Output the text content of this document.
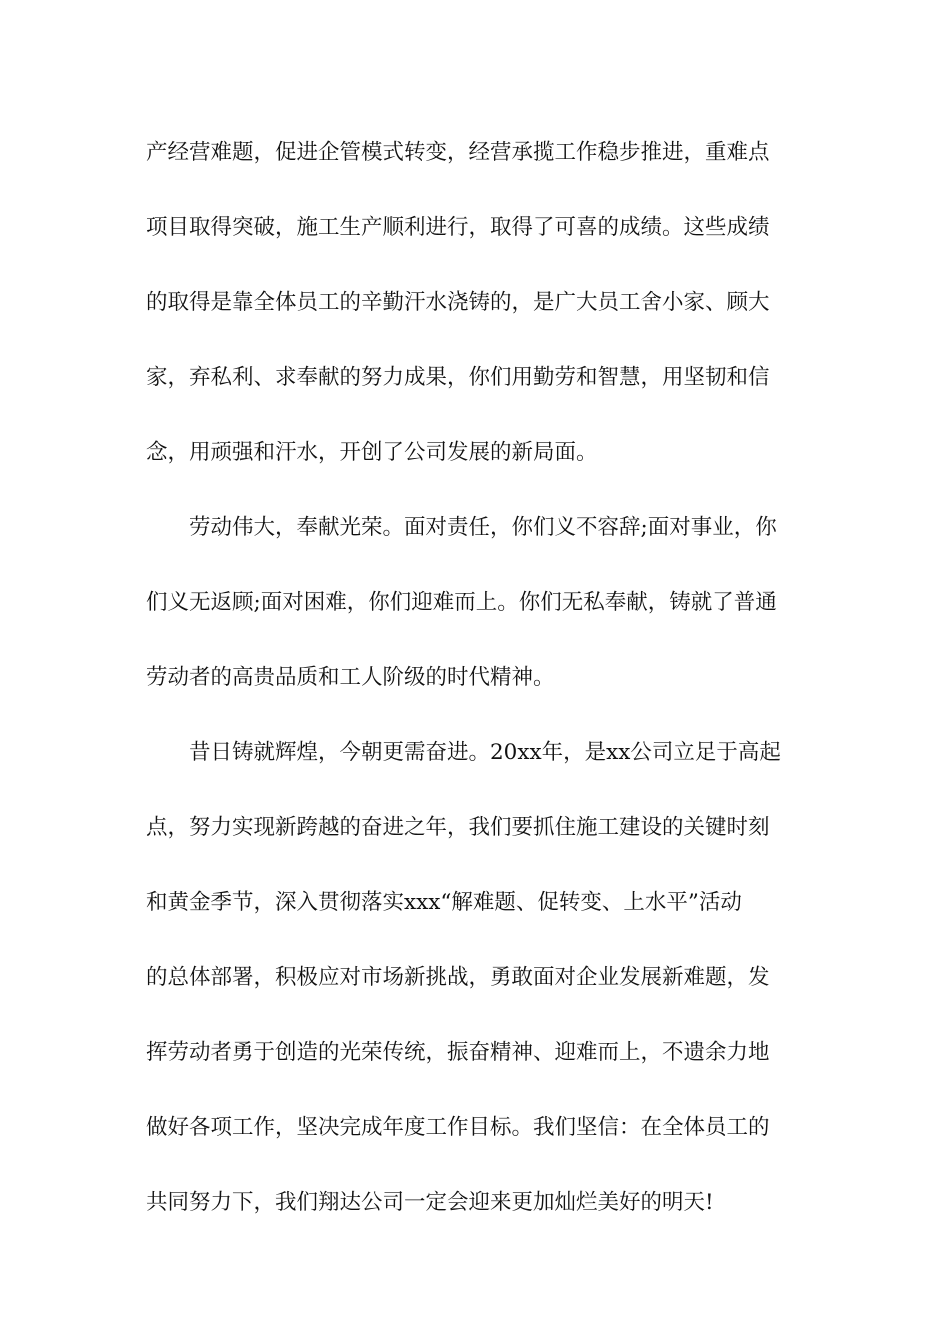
产经营难题，促进企管模式转变，经营承揽工作稳步推进，重难点
项目取得突破，施工生产顺利进行，取得了可喜的成绩。这些成绩
的取得是靠全体员工的辛勤汗水浇铸的，是广大员工舍小家、顾大
家，弃私利、求奉献的努力成果，你们用勤劳和智慧，用坚韧和信
念，用顽强和汗水，开创了公司发展的新局面。
劳动伟大，奉献光荣。面对责任，你们义不容辞;面对事业，你
们义无返顾;面对困难，你们迎难而上。你们无私奉献，铸就了普通
劳动者的高贵品质和工人阶级的时代精神。
昔日铸就辉煌，今朝更需奋进。20xx年，是xx公司立足于高起
点，努力实现新跨越的奋进之年，我们要抓住施工建设的关键时刻
和黄金季节，深入贯彻落实xxx“解难题、促转变、上水平”活动
的总体部署，积极应对市场新挑战，勇敢面对企业发展新难题，发
挥劳动者勇于创造的光荣传统，振奋精神、迎难而上，不遗余力地
做好各项工作，坚决完成年度工作目标。我们坚信：在全体员工的
共同努力下，我们翔达公司一定会迎来更加灿烂美好的明天!
